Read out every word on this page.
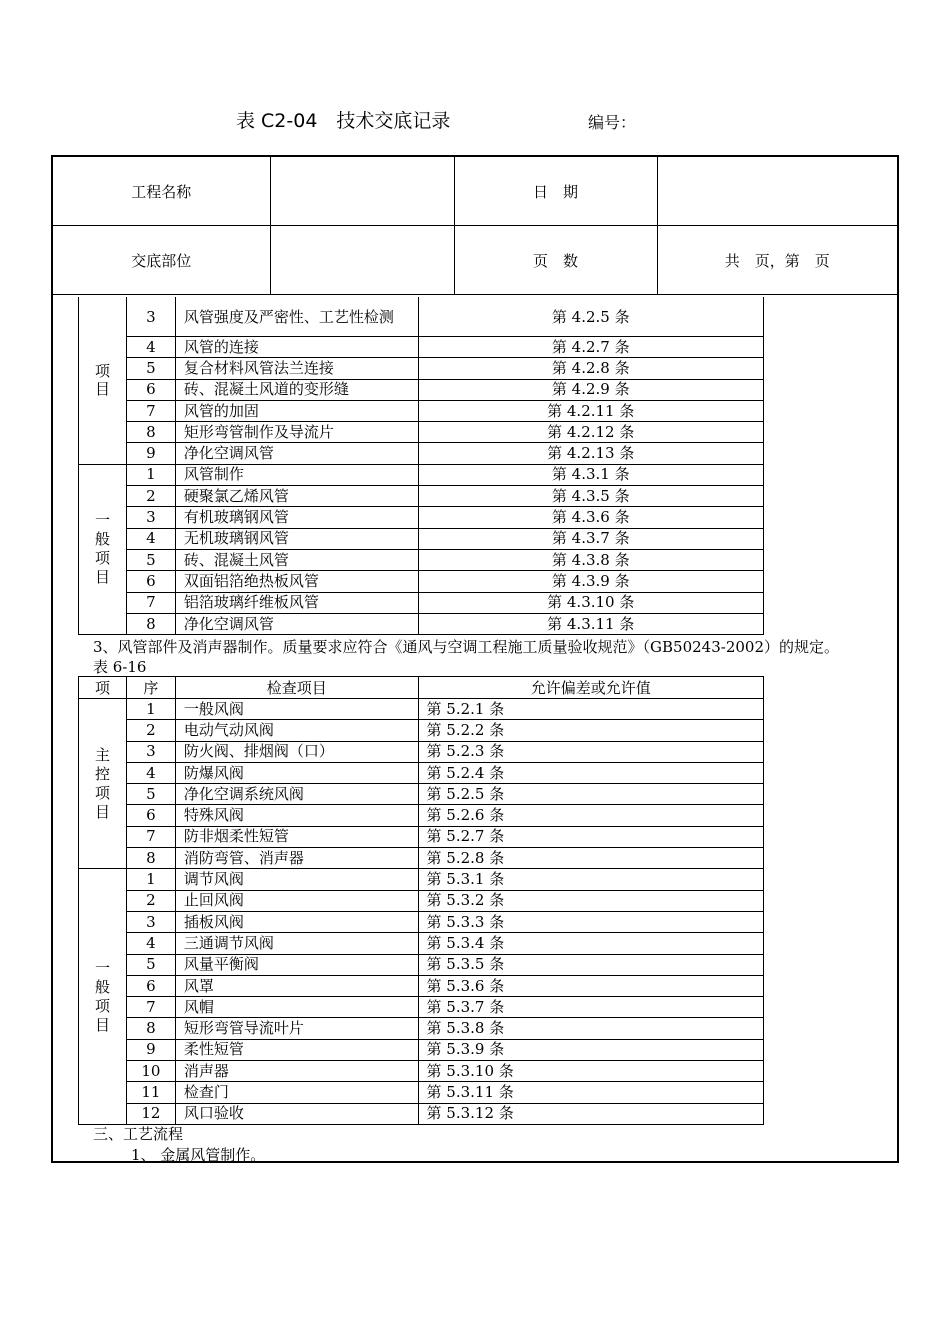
表 C2-04　技术交底记录	编号：
工程名称		日　期	
交底部位		页　数	共　页，第　页
项
目	3	风管强度及严密性、工艺性检测	第 4.2.5 条
	4	风管的连接	第 4.2.7 条
	5	复合材料风管法兰连接	第 4.2.8 条
	6	砖、混凝土风道的变形缝	第 4.2.9 条
	7	风管的加固	第 4.2.11 条
	8	矩形弯管制作及导流片	第 4.2.12 条
	9	净化空调风管	第 4.2.13 条
一
般
项
目	1	风管制作	第 4.3.1 条
	2	硬聚氯乙烯风管	第 4.3.5 条
	3	有机玻璃钢风管	第 4.3.6 条
	4	无机玻璃钢风管	第 4.3.7 条
	5	砖、混凝土风管	第 4.3.8 条
	6	双面铝箔绝热板风管	第 4.3.9 条
	7	铝箔玻璃纤维板风管	第 4.3.10 条
	8	净化空调风管	第 4.3.11 条
3、风管部件及消声器制作。质量要求应符合《通风与空调工程施工质量验收规范》（GB50243-2002）的规定。
表 6-16
项	序	检查项目	允许偏差或允许值
主
控
项
目	1	一般风阀	第 5.2.1 条
	2	电动气动风阀	第 5.2.2 条
	3	防火阀、排烟阀（口）	第 5.2.3 条
	4	防爆风阀	第 5.2.4 条
	5	净化空调系统风阀	第 5.2.5 条
	6	特殊风阀	第 5.2.6 条
	7	防非烟柔性短管	第 5.2.7 条
	8	消防弯管、消声器	第 5.2.8 条
一
般
项
目	1	调节风阀	第 5.3.1 条
	2	止回风阀	第 5.3.2 条
	3	插板风阀	第 5.3.3 条
	4	三通调节风阀	第 5.3.4 条
	5	风量平衡阀	第 5.3.5 条
	6	风罩	第 5.3.6 条
	7	风帽	第 5.3.7 条
	8	短形弯管导流叶片	第 5.3.8 条
	9	柔性短管	第 5.3.9 条
	10	消声器	第 5.3.10 条
	11	检查门	第 5.3.11 条
	12	风口验收	第 5.3.12 条
三、工艺流程
1、 金属风管制作。
